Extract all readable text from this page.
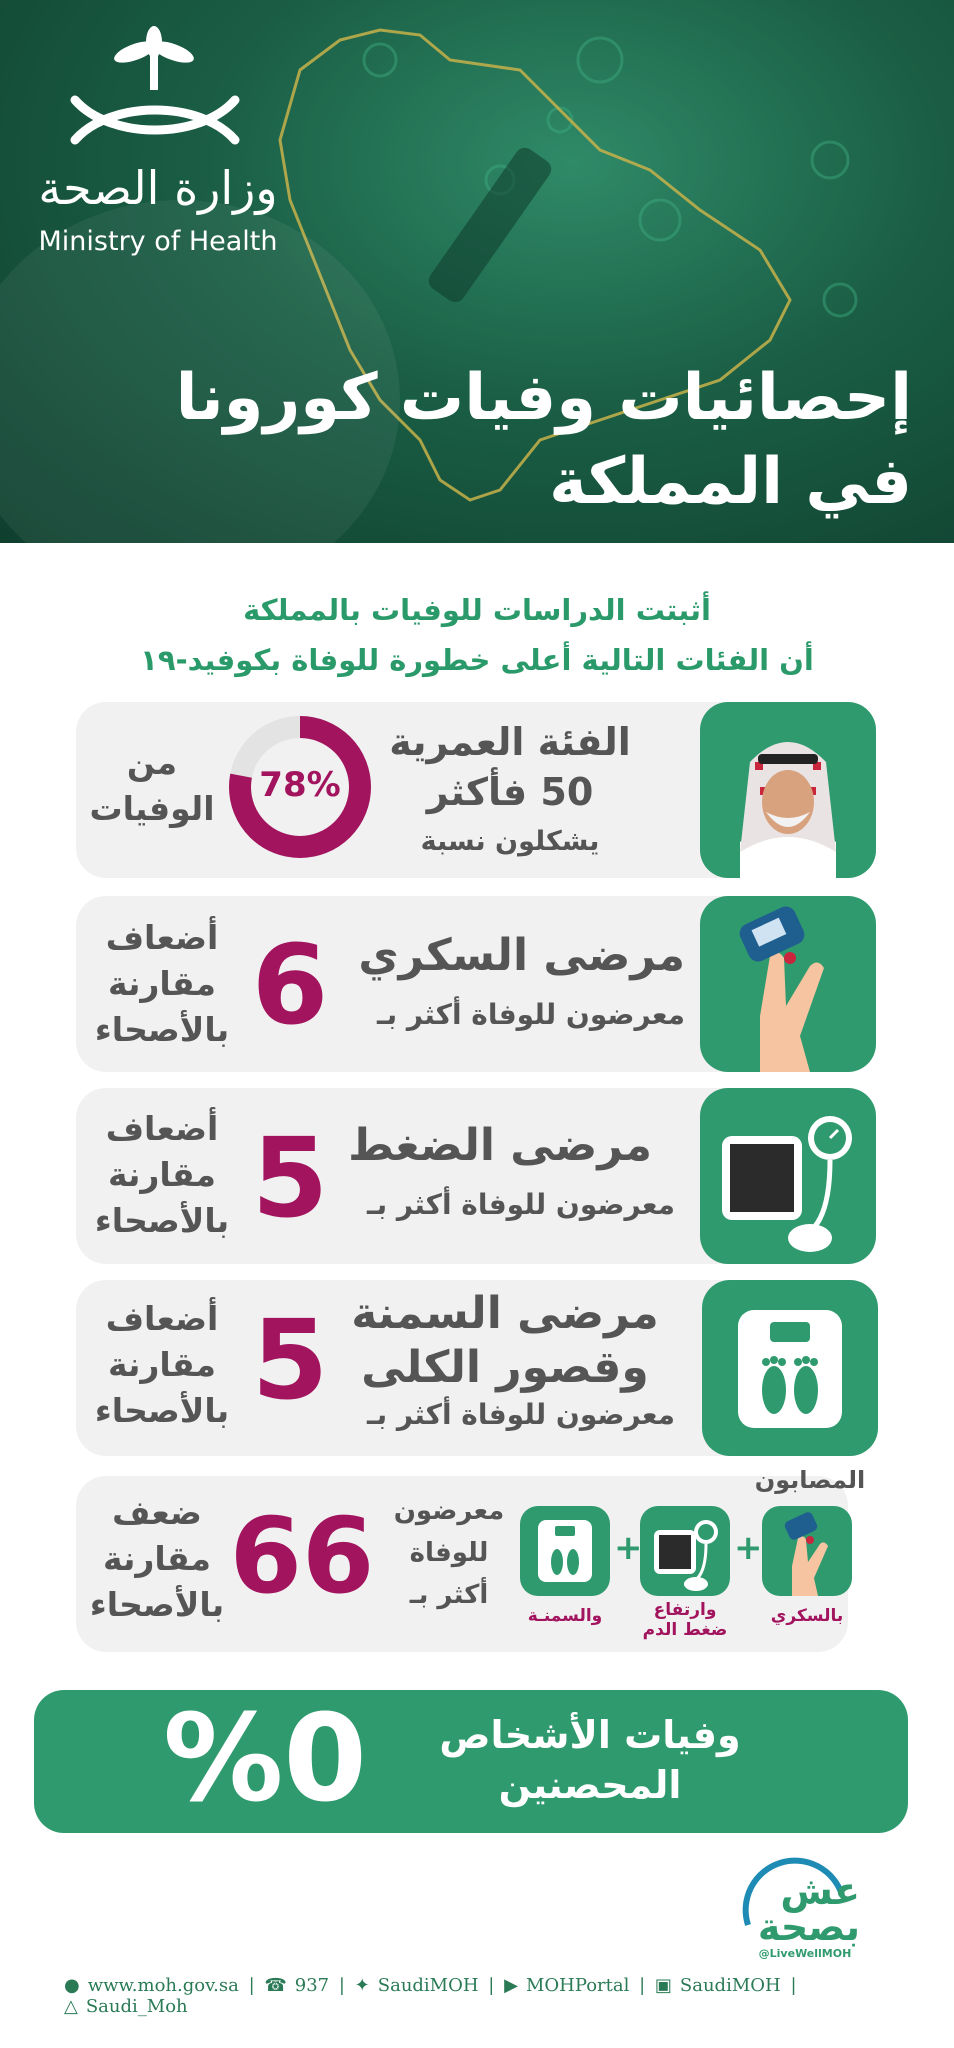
وزارة الصحة
Ministry of Health
إحصائيات وفيات كورونا
في المملكة
أثبتت الدراسات للوفيات بالمملكة
أن الفئات التالية أعلى خطورة للوفاة بكوفيد-١٩
الفئة العمرية
50 فأكثر
يشكلون نسبة
78%
من
الوفيات
مرضى السكري
معرضون للوفاة أكثر بـ
6
أضعاف
مقارنة
بالأصحاء
مرضى الضغط
معرضون للوفاة أكثر بـ
5
أضعاف
مقارنة
بالأصحاء
مرضى السمنة
وقصور الكلى
معرضون للوفاة أكثر بـ
5
أضعاف
مقارنة
بالأصحاء
المصابون
+
+
بالسكري
وارتفاع
ضغط الدم
والسمنـة
معرضون
للوفاة
أكثر بـ
66
ضعف
مقارنة
بالأصحاء
وفيات الأشخاص
المحصنين
%0
عش
بصحة
@LiveWellMOH
● www.moh.gov.sa | ☎ 937 | ✦ SaudiMOH | ▶ MOHPortal | ▣ SaudiMOH | △ Saudi_Moh
